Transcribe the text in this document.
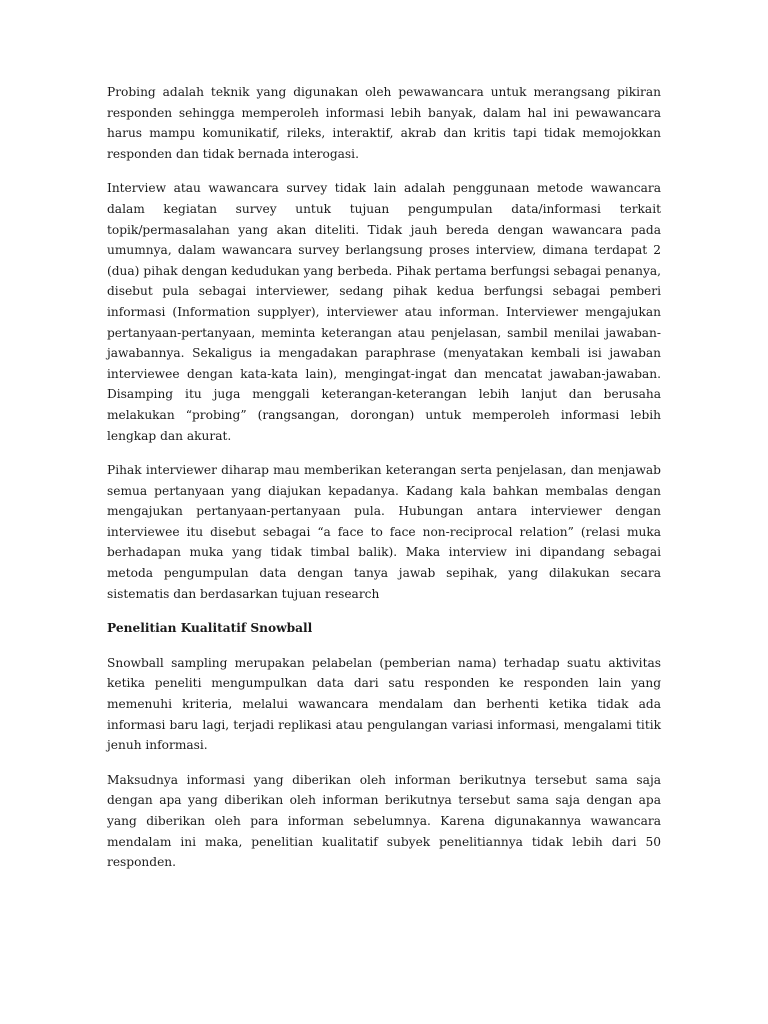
Probing adalah teknik yang digunakan oleh pewawancara untuk merangsang pikiran responden sehingga memperoleh informasi lebih banyak, dalam hal ini pewawancara harus mampu komunikatif, rileks, interaktif, akrab dan kritis tapi tidak memojokkan responden dan tidak bernada interogasi.

Interview atau wawancara survey tidak lain adalah penggunaan metode wawancara dalam kegiatan survey untuk tujuan pengumpulan data/informasi terkait topik/permasalahan yang akan diteliti. Tidak jauh bereda dengan wawancara pada umumnya, dalam wawancara survey berlangsung proses interview, dimana terdapat 2 (dua) pihak dengan kedudukan yang berbeda. Pihak pertama berfungsi sebagai penanya, disebut pula sebagai interviewer, sedang pihak kedua berfungsi sebagai pemberi informasi (Information supplyer), interviewer atau informan. Interviewer mengajukan pertanyaan-pertanyaan, meminta keterangan atau penjelasan, sambil menilai jawaban-jawabannya. Sekaligus ia mengadakan paraphrase (menyatakan kembali isi jawaban interviewee dengan kata-kata lain), mengingat-ingat dan mencatat jawaban-jawaban. Disamping itu juga menggali keterangan-keterangan lebih lanjut dan berusaha melakukan “probing” (rangsangan, dorongan) untuk memperoleh informasi lebih lengkap dan akurat.

Pihak interviewer diharap mau memberikan keterangan serta penjelasan, dan menjawab semua pertanyaan yang diajukan kepadanya. Kadang kala bahkan membalas dengan mengajukan pertanyaan-pertanyaan pula. Hubungan antara interviewer dengan interviewee itu disebut sebagai “a face to face non-reciprocal relation” (relasi muka berhadapan muka yang tidak timbal balik). Maka interview ini dipandang sebagai metoda pengumpulan data dengan tanya jawab sepihak, yang dilakukan secara sistematis dan berdasarkan tujuan research

Penelitian Kualitatif Snowball

Snowball sampling merupakan pelabelan (pemberian nama) terhadap suatu aktivitas ketika peneliti mengumpulkan data dari satu responden ke responden lain yang memenuhi kriteria, melalui wawancara mendalam dan berhenti ketika tidak ada informasi baru lagi, terjadi replikasi atau pengulangan variasi informasi, mengalami titik jenuh informasi.

Maksudnya informasi yang diberikan oleh informan berikutnya tersebut sama saja dengan apa yang diberikan oleh informan berikutnya tersebut sama saja dengan apa yang diberikan oleh para informan sebelumnya. Karena digunakannya wawancara mendalam ini maka, penelitian kualitatif subyek penelitiannya tidak lebih dari 50 responden.
